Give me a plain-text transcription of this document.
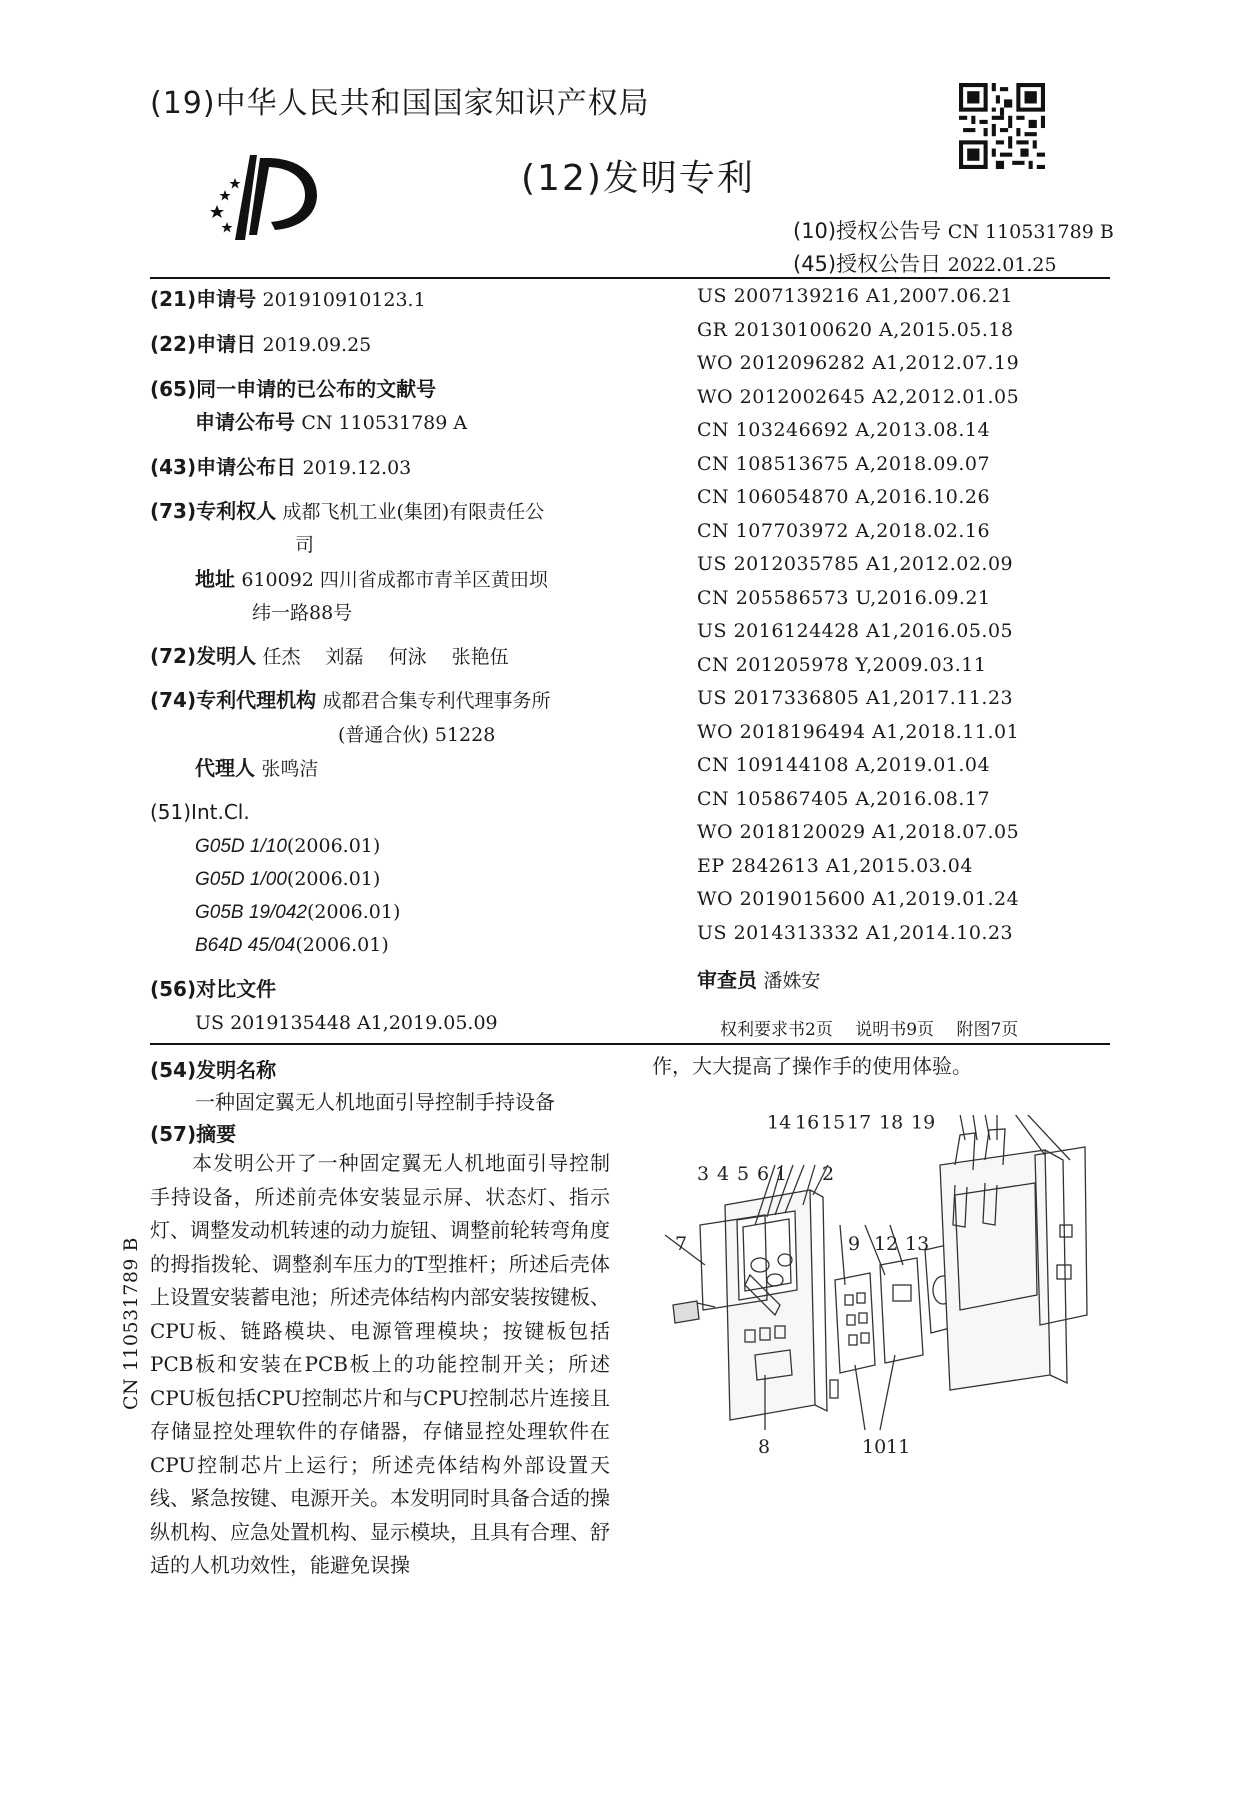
(19)中华人民共和国国家知识产权局
(12)发明专利
(10)授权公告号 CN 110531789 B
(45)授权公告日 2022.01.25
(21)申请号 201910910123.1
(22)申请日 2019.09.25
(65)同一申请的已公布的文献号
申请公布号 CN 110531789 A
(43)申请公布日 2019.12.03
(73)专利权人 成都飞机工业(集团)有限责任公
司
地址 610092 四川省成都市青羊区黄田坝
纬一路88号
(72)发明人 任杰　 刘磊　 何泳　 张艳伍
(74)专利代理机构 成都君合集专利代理事务所
(普通合伙) 51228
代理人 张鸣洁
(51)Int.Cl.
G05D 1/10(2006.01)
G05D 1/00(2006.01)
G05B 19/042(2006.01)
B64D 45/04(2006.01)
(56)对比文件
US 2019135448 A1,2019.05.09
US 2007139216 A1,2007.06.21
GR 20130100620 A,2015.05.18
WO 2012096282 A1,2012.07.19
WO 2012002645 A2,2012.01.05
CN 103246692 A,2013.08.14
CN 108513675 A,2018.09.07
CN 106054870 A,2016.10.26
CN 107703972 A,2018.02.16
US 2012035785 A1,2012.02.09
CN 205586573 U,2016.09.21
US 2016124428 A1,2016.05.05
CN 201205978 Y,2009.03.11
US 2017336805 A1,2017.11.23
WO 2018196494 A1,2018.11.01
CN 109144108 A,2019.01.04
CN 105867405 A,2016.08.17
WO 2018120029 A1,2018.07.05
EP 2842613 A1,2015.03.04
WO 2019015600 A1,2019.01.24
US 2014313332 A1,2014.10.23
审查员 潘姝安
权利要求书2页　 说明书9页　 附图7页
(54)发明名称
一种固定翼无人机地面引导控制手持设备
(57)摘要

本发明公开了一种固定翼无人机地面引导控制手持设备，所述前壳体安装显示屏、状态灯、指示灯、调整发动机转速的动力旋钮、调整前轮转弯角度的拇指拨轮、调整刹车压力的T型推杆；所述后壳体上设置安装蓄电池；所述壳体结构内部安装按键板、CPU板、链路模块、电源管理模块；按键板包括PCB板和安装在PCB板上的功能控制开关；所述CPU板包括CPU控制芯片和与CPU控制芯片连接且存储显控处理软件的存储器，存储显控处理软件在CPU控制芯片上运行；所述壳体结构外部设置天线、紧急按键、电源开关。本发明同时具备合适的操纵机构、应急处置机构、显示模块，且具有合理、舒适的人机功效性，能避免误操

作，大大提高了操作手的使用体验。
CN 110531789 B
14 16 15 17 18 19
3 4 5 6 1 2
7	9 12 13
8	10 11
